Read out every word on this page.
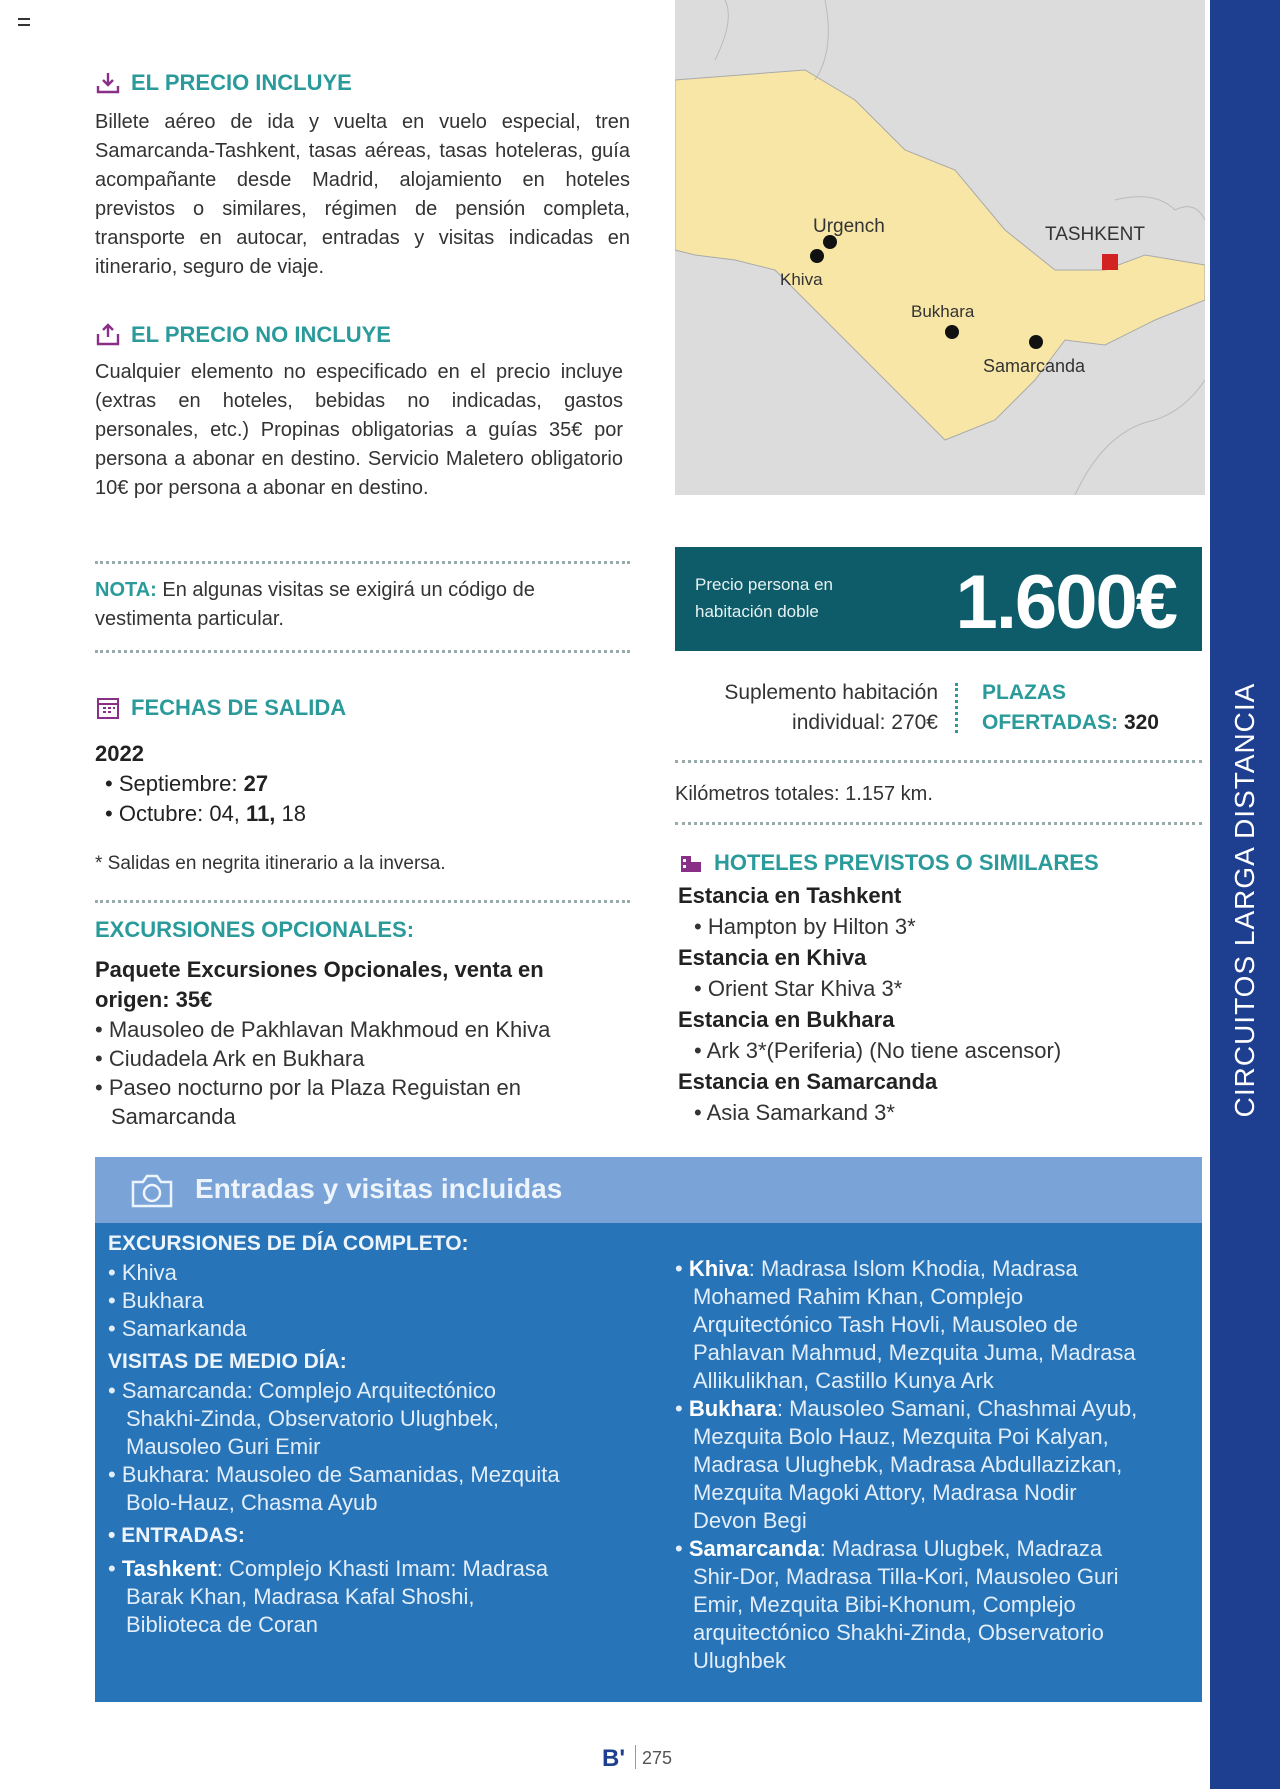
CIRCUITOS LARGA DISTANCIA
EL PRECIO INCLUYE

Billete aéreo de ida y vuelta en vuelo especial, tren Samarcanda-Tashkent, tasas aéreas, tasas hoteleras, guía acompañante desde Madrid, alojamiento en hoteles previstos o similares, régimen de pensión completa, transporte en autocar, entradas y visitas indicadas en itinerario, seguro de viaje.

EL PRECIO NO INCLUYE

Cualquier elemento no especificado en el precio incluye (extras en hoteles, bebidas no indicadas, gastos personales, etc.) Propinas obligatorias a guías 35€ por persona a abonar en destino. Servicio Maletero obligatorio 10€ por persona a abonar en destino.

NOTA: En algunas visitas se exigirá un código de vestimenta particular.
FECHAS DE SALIDA
2022
• Septiembre: 27
• Octubre: 04, 11, 18
* Salidas en negrita itinerario a la inversa.
EXCURSIONES OPCIONALES:
Paquete Excursiones Opcionales, venta en origen: 35€
• Mausoleo de Pakhlavan Makhmoud en Khiva
• Ciudadela Ark en Bukhara
• Paseo nocturno por la Plaza Reguistan en Samarcanda
Urgench
Khiva
TASHKENT
Bukhara
Samarcanda
Precio persona en habitación doble	1.600€
Suplemento habitación
individual: 270€
PLAZAS
OFERTADAS: 320
Kilómetros totales: 1.157 km.
HOTELES PREVISTOS O SIMILARES
Estancia en Tashkent
• Hampton by Hilton 3*
Estancia en Khiva
• Orient Star Khiva 3*
Estancia en Bukhara
• Ark 3*(Periferia) (No tiene ascensor)
Estancia en Samarcanda
• Asia Samarkand 3*
Entradas y visitas incluidas
EXCURSIONES DE DÍA COMPLETO:
• Khiva
• Bukhara
• Samarkanda
VISITAS DE MEDIO DÍA:
• Samarcanda: Complejo Arquitectónico Shakhi-Zinda, Observatorio Ulughbek, Mausoleo Guri Emir
• Bukhara: Mausoleo de Samanidas, Mezquita Bolo-Hauz, Chasma Ayub
• ENTRADAS:
• Tashkent: Complejo Khasti Imam: Madrasa Barak Khan, Madrasa Kafal Shoshi, Biblioteca de Coran
• Khiva: Madrasa Islom Khodia, Madrasa Mohamed Rahim Khan, Complejo Arquitectónico Tash Hovli, Mausoleo de Pahlavan Mahmud, Mezquita Juma, Madrasa Allikulikhan, Castillo Kunya Ark
• Bukhara: Mausoleo Samani, Chashmai Ayub, Mezquita Bolo Hauz, Mezquita Poi Kalyan, Madrasa Ulughebk, Madrasa Abdullazizkan, Mezquita Magoki Attory, Madrasa Nodir Devon Begi
• Samarcanda: Madrasa Ulugbek, Madraza Shir-Dor, Madrasa Tilla-Kori, Mausoleo Guri Emir, Mezquita Bibi-Khonum, Complejo arquitectónico Shakhi-Zinda, Observatorio Ulughbek
B' 275
